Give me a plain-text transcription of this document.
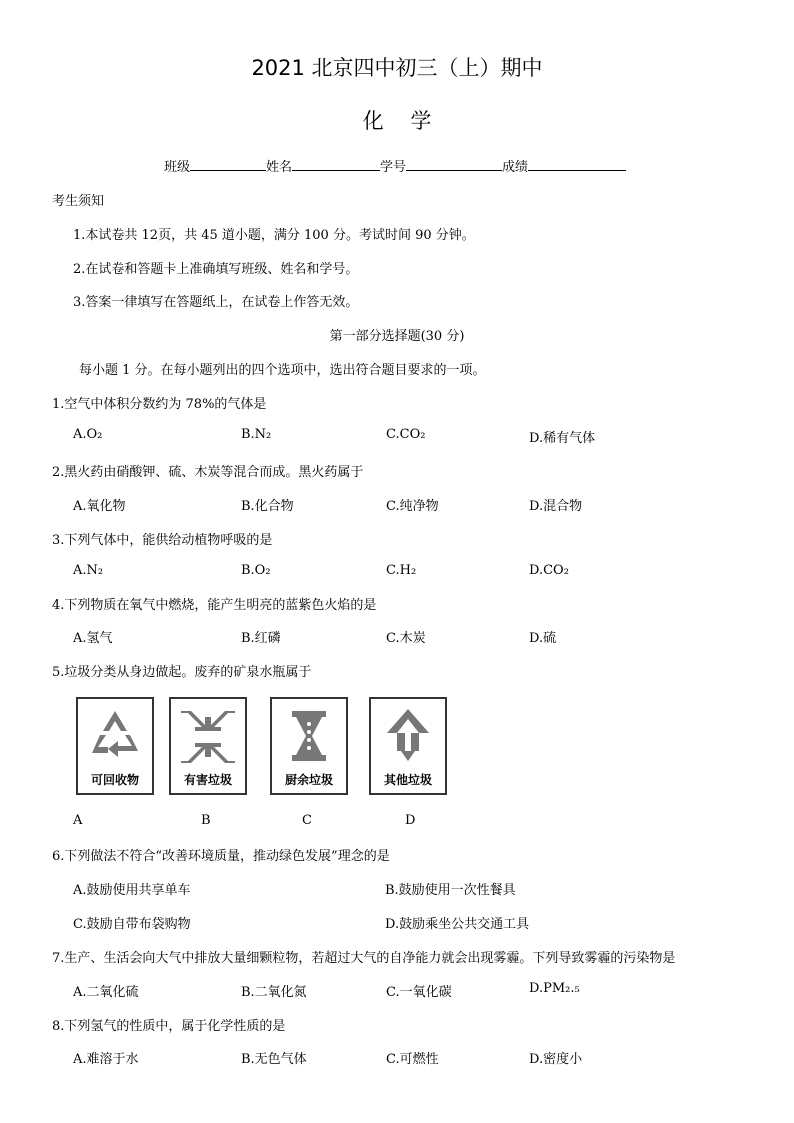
2021 北京四中初三（上）期中
化    学
班级	姓名	学号	成绩
考生须知
1.本试卷共 12页，共 45 道小题，满分 100 分。考试时间 90 分钟。
2.在试卷和答题卡上准确填写班级、姓名和学号。
3.答案一律填写在答题纸上，在试卷上作答无效。
第一部分选择题(30 分)
每小题 1 分。在每小题列出的四个选项中，选出符合题目要求的一项。
1.空气中体积分数约为 78%的气体是
A.O₂	B.N₂	C.CO₂	D.稀有气体
2.黑火药由硝酸钾、硫、木炭等混合而成。黑火药属于
A.氧化物	B.化合物	C.纯净物	D.混合物
3.下列气体中，能供给动植物呼吸的是
A.N₂	B.O₂	C.H₂	D.CO₂
4.下列物质在氧气中燃烧，能产生明亮的蓝紫色火焰的是
A.氢气	B.红磷	C.木炭	D.硫
5.垃圾分类从身边做起。废弃的矿泉水瓶属于
可回收物	有害垃圾	厨余垃圾	其他垃圾
A	B	C	D
6.下列做法不符合“改善环境质量，推动绿色发展”理念的是
A.鼓励使用共享单车	B.鼓励使用一次性餐具
C.鼓励自带布袋购物	D.鼓励乘坐公共交通工具
7.生产、生活会向大气中排放大量细颗粒物，若超过大气的自净能力就会出现雾霾。下列导致雾霾的污染物是
A.二氧化硫	B.二氧化氮	C.一氧化碳	D.PM₂.₅
8.下列氢气的性质中，属于化学性质的是
A.难溶于水	B.无色气体	C.可燃性	D.密度小
